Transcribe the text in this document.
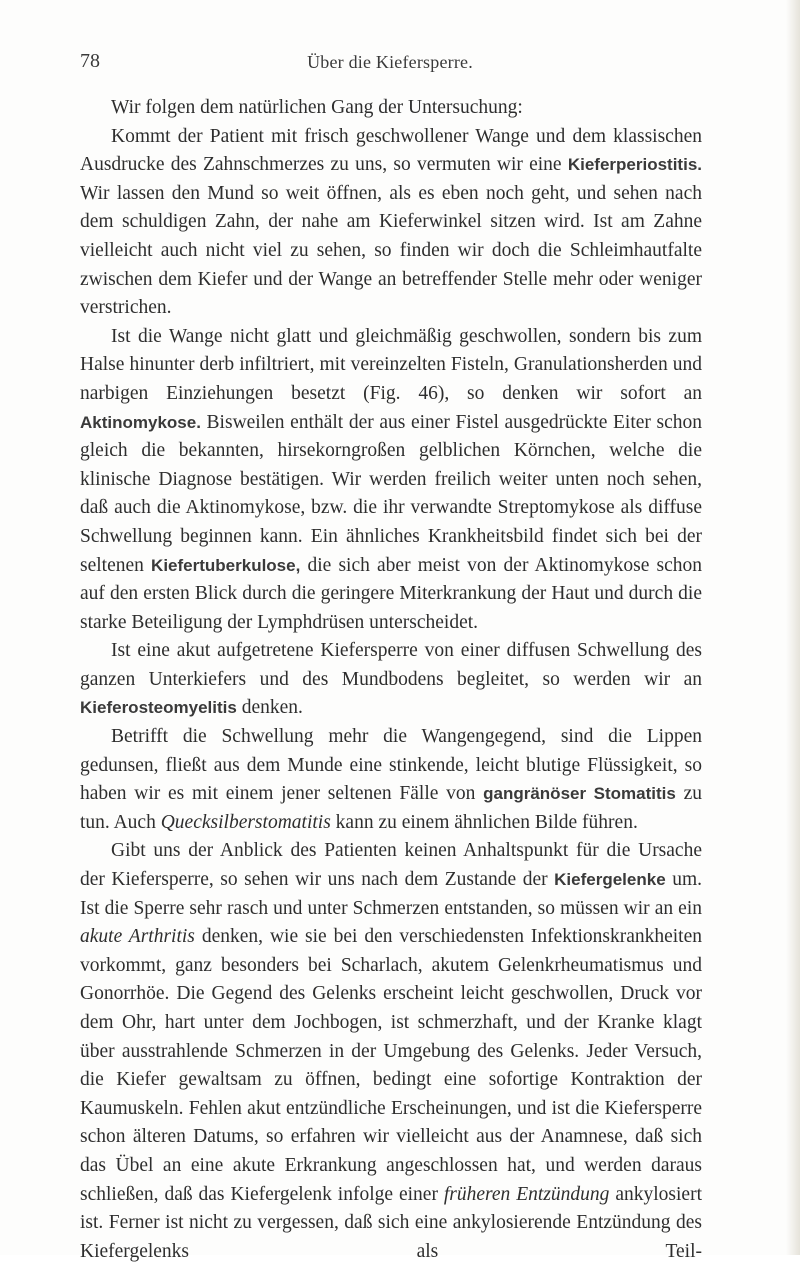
78	Über die Kiefersperre.

Wir folgen dem natürlichen Gang der Untersuchung:

Kommt der Patient mit frisch geschwollener Wange und dem klassischen Ausdrucke des Zahnschmerzes zu uns, so vermuten wir eine Kieferperiostitis. Wir lassen den Mund so weit öffnen, als es eben noch geht, und sehen nach dem schuldigen Zahn, der nahe am Kieferwinkel sitzen wird. Ist am Zahne vielleicht auch nicht viel zu sehen, so finden wir doch die Schleimhautfalte zwischen dem Kiefer und der Wange an betreffender Stelle mehr oder weniger verstrichen.

Ist die Wange nicht glatt und gleichmäßig geschwollen, sondern bis zum Halse hinunter derb infiltriert, mit vereinzelten Fisteln, Granulationsherden und narbigen Einziehungen besetzt (Fig. 46), so denken wir sofort an Aktinomykose. Bisweilen enthält der aus einer Fistel ausgedrückte Eiter schon gleich die bekannten, hirsekorngroßen gelblichen Körnchen, welche die klinische Diagnose bestätigen. Wir werden freilich weiter unten noch sehen, daß auch die Aktinomykose, bzw. die ihr verwandte Streptomykose als diffuse Schwellung beginnen kann. Ein ähnliches Krankheitsbild findet sich bei der seltenen Kiefertuberkulose, die sich aber meist von der Aktinomykose schon auf den ersten Blick durch die geringere Miterkrankung der Haut und durch die starke Beteiligung der Lymphdrüsen unterscheidet.

Ist eine akut aufgetretene Kiefersperre von einer diffusen Schwellung des ganzen Unterkiefers und des Mundbodens begleitet, so werden wir an Kieferosteomyelitis denken.

Betrifft die Schwellung mehr die Wangengegend, sind die Lippen gedunsen, fließt aus dem Munde eine stinkende, leicht blutige Flüssigkeit, so haben wir es mit einem jener seltenen Fälle von gangränöser Stomatitis zu tun. Auch Quecksilberstomatitis kann zu einem ähnlichen Bilde führen.

Gibt uns der Anblick des Patienten keinen Anhaltspunkt für die Ursache der Kiefersperre, so sehen wir uns nach dem Zustande der Kiefergelenke um. Ist die Sperre sehr rasch und unter Schmerzen entstanden, so müssen wir an ein akute Arthritis denken, wie sie bei den verschiedensten Infektionskrankheiten vorkommt, ganz besonders bei Scharlach, akutem Gelenkrheumatismus und Gonorrhöe. Die Gegend des Gelenks erscheint leicht geschwollen, Druck vor dem Ohr, hart unter dem Jochbogen, ist schmerzhaft, und der Kranke klagt über ausstrahlende Schmerzen in der Umgebung des Gelenks. Jeder Versuch, die Kiefer gewaltsam zu öffnen, bedingt eine sofortige Kontraktion der Kaumuskeln. Fehlen akut entzündliche Erscheinungen, und ist die Kiefersperre schon älteren Datums, so erfahren wir vielleicht aus der Anamnese, daß sich das Übel an eine akute Erkrankung angeschlossen hat, und werden daraus schließen, daß das Kiefergelenk infolge einer früheren Entzündung ankylosiert ist. Ferner ist nicht zu vergessen, daß sich eine ankylosierende Entzündung des Kiefergelenks als Teil-
